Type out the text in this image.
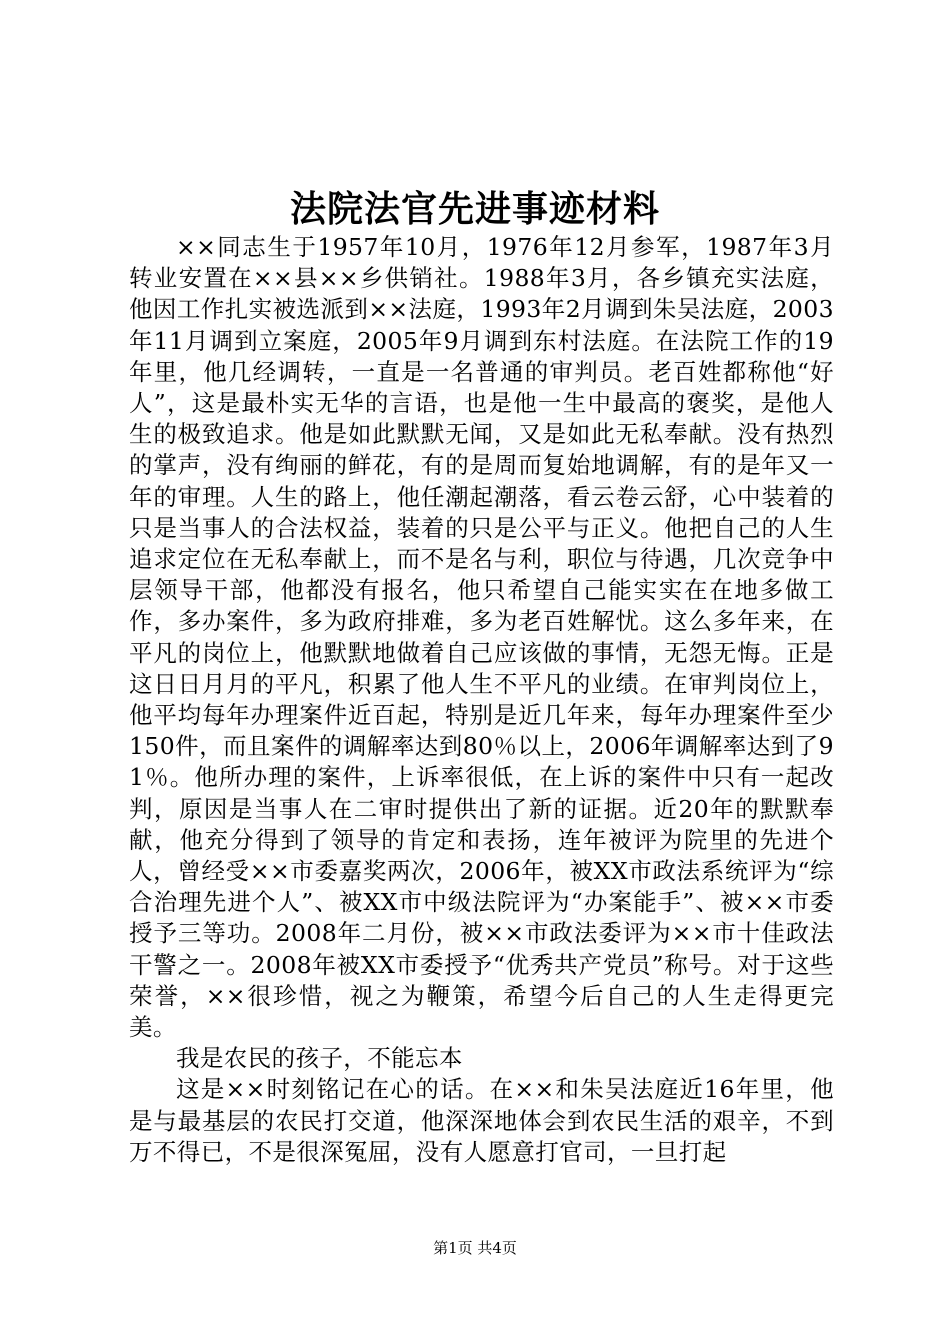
法院法官先进事迹材料

××同志生于1957年10月，1976年12月参军，1987年3月转业安置在××县××乡供销社。1988年3月，各乡镇充实法庭，他因工作扎实被选派到××法庭，1993年2月调到朱吴法庭，2003年11月调到立案庭，2005年9月调到东村法庭。在法院工作的19年里，他几经调转，一直是一名普通的审判员。老百姓都称他“好人”，这是最朴实无华的言语，也是他一生中最高的褒奖，是他人生的极致追求。他是如此默默无闻，又是如此无私奉献。没有热烈的掌声，没有绚丽的鲜花，有的是周而复始地调解，有的是年又一年的审理。人生的路上，他任潮起潮落，看云卷云舒，心中装着的只是当事人的合法权益，装着的只是公平与正义。他把自己的人生追求定位在无私奉献上，而不是名与利，职位与待遇，几次竞争中层领导干部，他都没有报名，他只希望自己能实实在在地多做工作，多办案件，多为政府排难，多为老百姓解忧。这么多年来，在平凡的岗位上，他默默地做着自己应该做的事情，无怨无悔。正是这日日月月的平凡，积累了他人生不平凡的业绩。在审判岗位上，他平均每年办理案件近百起，特别是近几年来，每年办理案件至少150件，而且案件的调解率达到80％以上，2006年调解率达到了91％。他所办理的案件，上诉率很低，在上诉的案件中只有一起改判，原因是当事人在二审时提供出了新的证据。近20年的默默奉献，他充分得到了领导的肯定和表扬，连年被评为院里的先进个人，曾经受××市委嘉奖两次，2006年，被XX市政法系统评为“综合治理先进个人”、被XX市中级法院评为“办案能手”、被××市委授予三等功。2008年二月份，被××市政法委评为××市十佳政法干警之一。2008年被XX市委授予“优秀共产党员”称号。对于这些荣誉，××很珍惜，视之为鞭策，希望今后自己的人生走得更完美。

我是农民的孩子，不能忘本

这是××时刻铭记在心的话。在××和朱吴法庭近16年里，他是与最基层的农民打交道，他深深地体会到农民生活的艰辛，不到万不得已，不是很深冤屈，没有人愿意打官司，一旦打起

第1页 共4页
